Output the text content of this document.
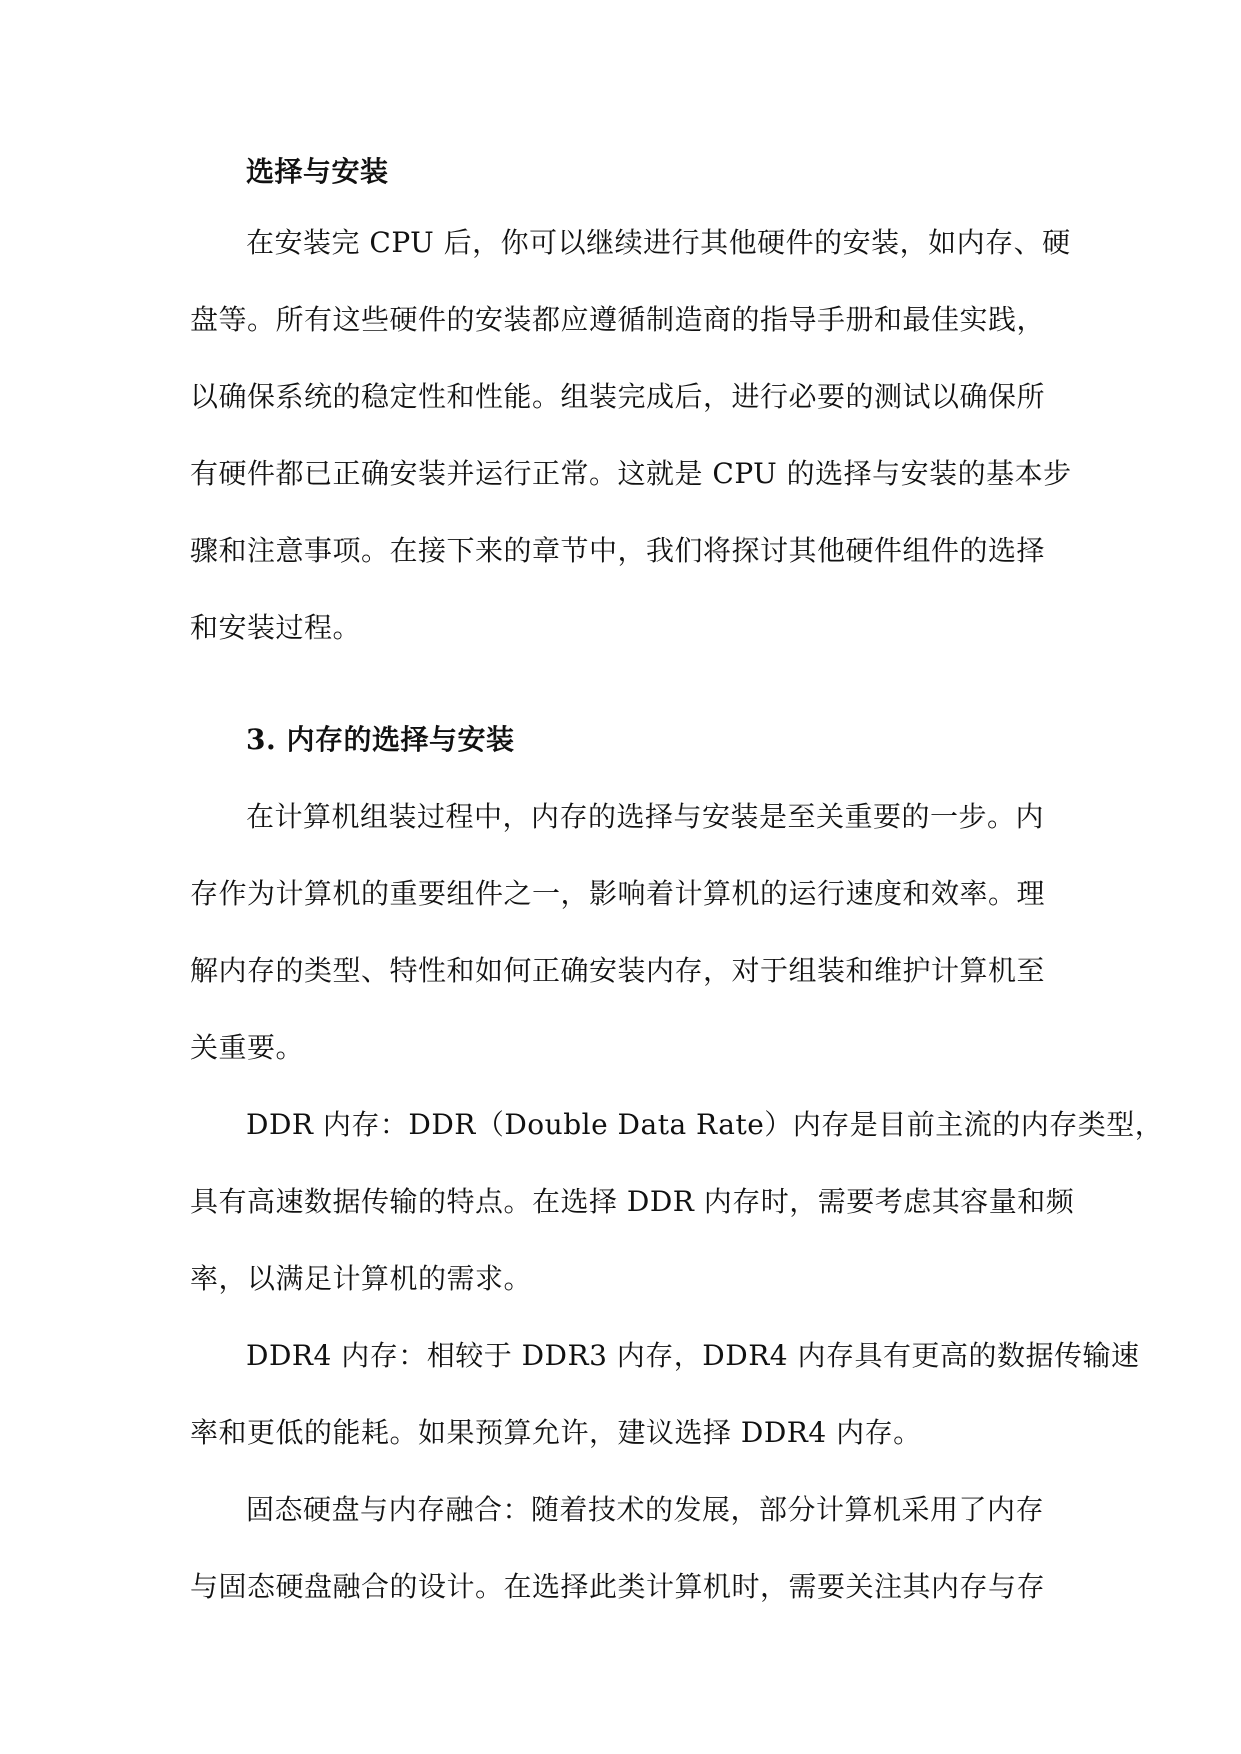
选择与安装
在安装完 CPU 后，你可以继续进行其他硬件的安装，如内存、硬
盘等。所有这些硬件的安装都应遵循制造商的指导手册和最佳实践，
以确保系统的稳定性和性能。组装完成后，进行必要的测试以确保所
有硬件都已正确安装并运行正常。这就是 CPU 的选择与安装的基本步
骤和注意事项。在接下来的章节中，我们将探讨其他硬件组件的选择
和安装过程。
3. 内存的选择与安装
在计算机组装过程中，内存的选择与安装是至关重要的一步。内
存作为计算机的重要组件之一，影响着计算机的运行速度和效率。理
解内存的类型、特性和如何正确安装内存，对于组装和维护计算机至
关重要。
DDR 内存：DDR（Double Data Rate）内存是目前主流的内存类型，
具有高速数据传输的特点。在选择 DDR 内存时，需要考虑其容量和频
率，以满足计算机的需求。
DDR4 内存：相较于 DDR3 内存，DDR4 内存具有更高的数据传输速
率和更低的能耗。如果预算允许，建议选择 DDR4 内存。
固态硬盘与内存融合：随着技术的发展，部分计算机采用了内存
与固态硬盘融合的设计。在选择此类计算机时，需要关注其内存与存
